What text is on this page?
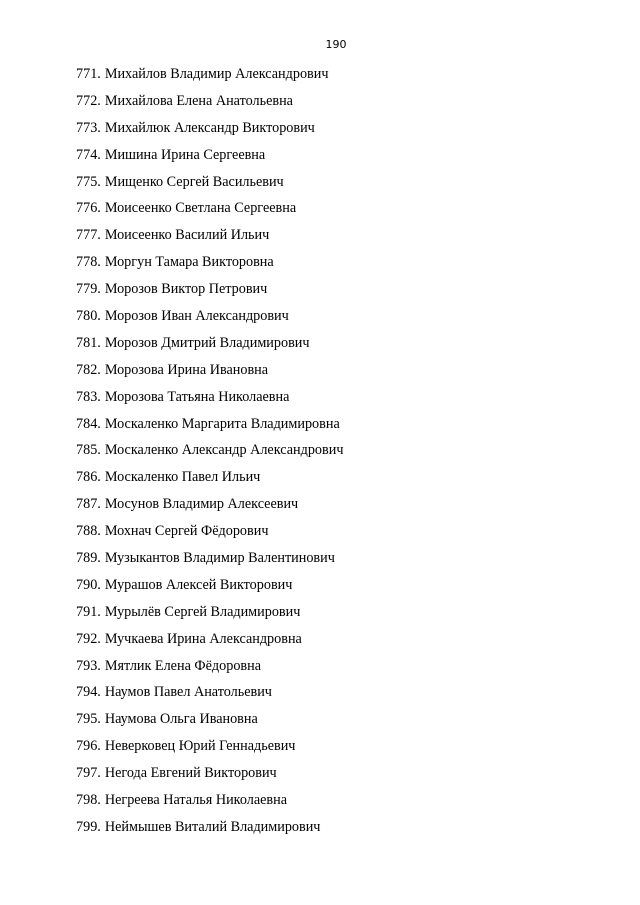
190
771. Михайлов Владимир Александрович
772. Михайлова Елена Анатольевна
773. Михайлюк Александр Викторович
774. Мишина Ирина Сергеевна
775. Мищенко Сергей Васильевич
776. Моисеенко Светлана Сергеевна
777. Моисеенко Василий Ильич
778. Моргун Тамара Викторовна
779. Морозов Виктор Петрович
780. Морозов Иван Александрович
781. Морозов Дмитрий Владимирович
782. Морозова Ирина Ивановна
783. Морозова Татьяна Николаевна
784. Москаленко Маргарита Владимировна
785. Москаленко Александр Александрович
786. Москаленко Павел Ильич
787. Мосунов Владимир Алексеевич
788. Мохнач Сергей Фёдорович
789. Музыкантов Владимир Валентинович
790. Мурашов Алексей Викторович
791. Мурылёв Сергей Владимирович
792. Мучкаева Ирина Александровна
793. Мятлик Елена Фёдоровна
794. Наумов Павел Анатольевич
795. Наумова Ольга Ивановна
796. Неверковец Юрий Геннадьевич
797. Негода Евгений Викторович
798. Негреева Наталья Николаевна
799. Неймышев Виталий Владимирович
